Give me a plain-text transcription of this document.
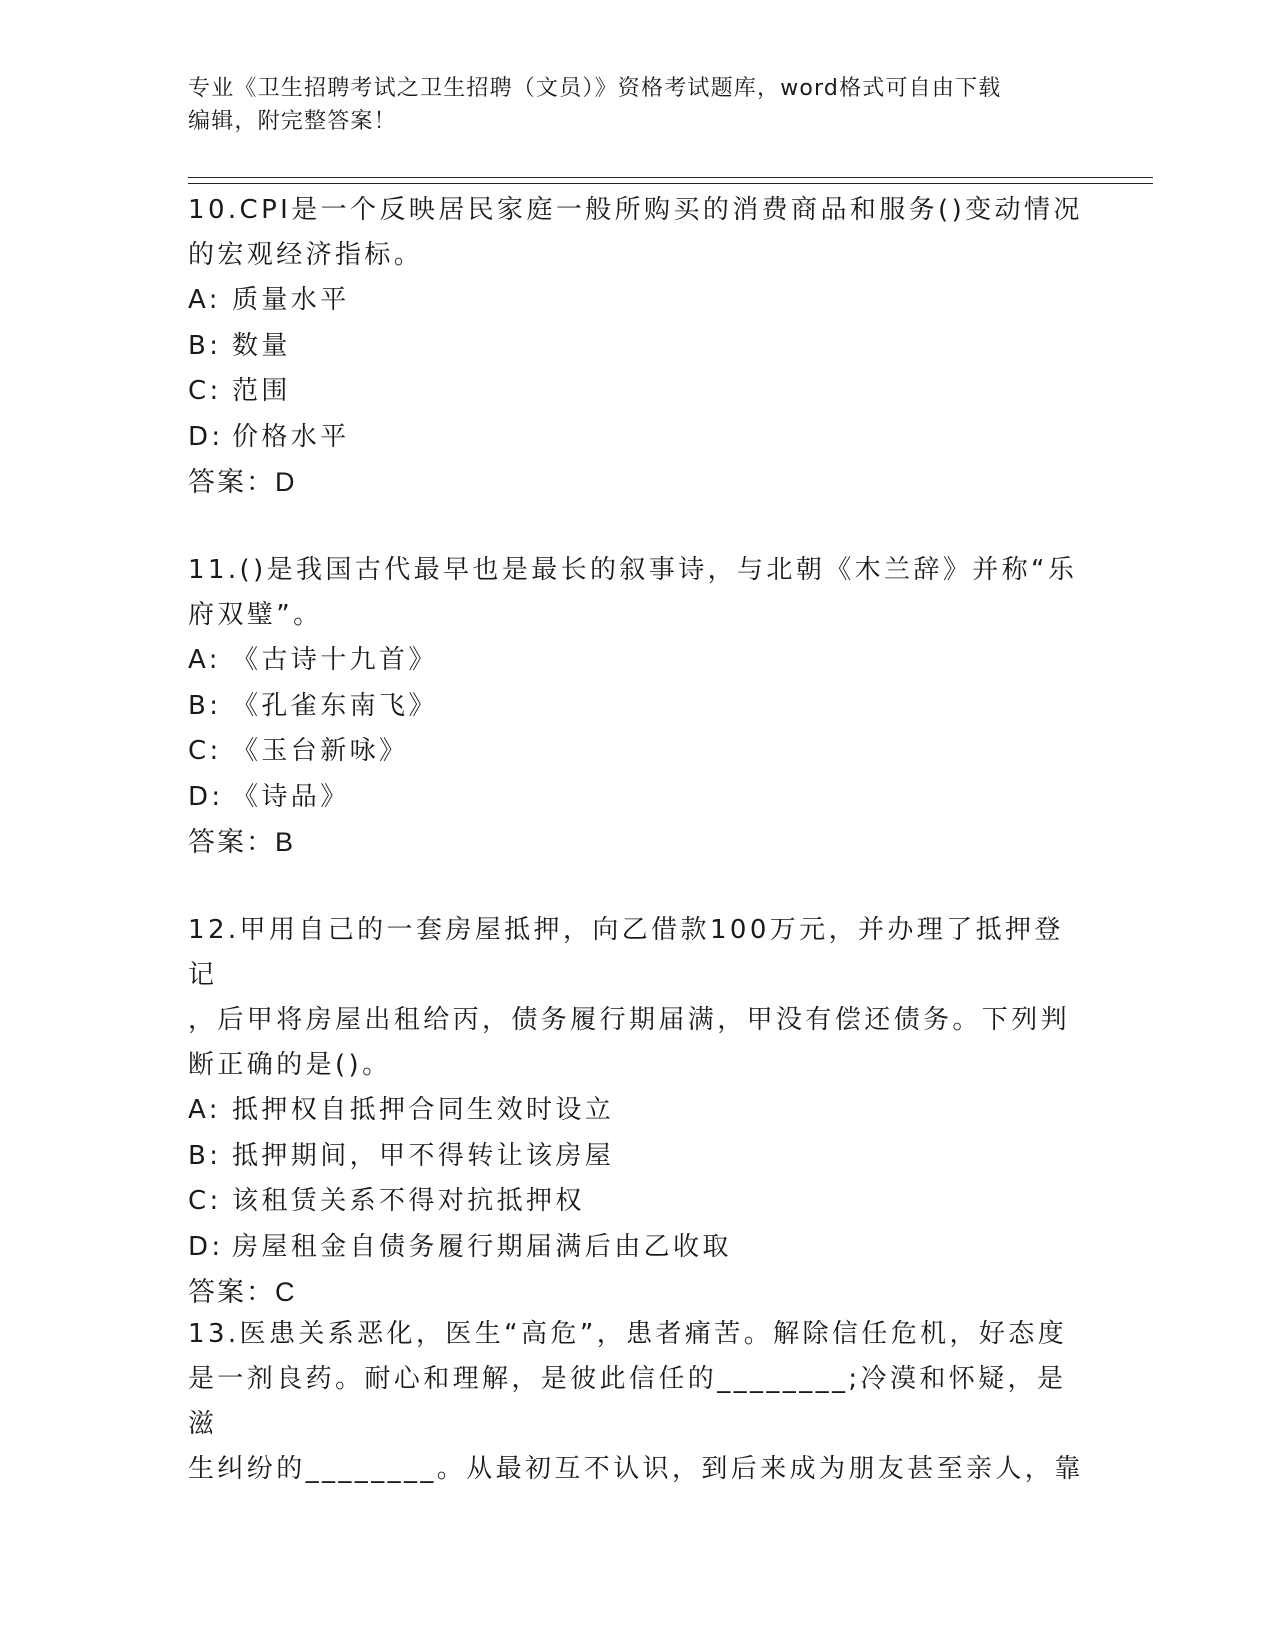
专业《卫生招聘考试之卫生招聘（文员）》资格考试题库，word格式可自由下载
编辑，附完整答案！

10.CPI是一个反映居民家庭一般所购买的消费商品和服务()变动情况

的宏观经济指标。

A: 质量水平

B: 数量

C: 范围

D: 价格水平

答案：D

11.()是我国古代最早也是最长的叙事诗，与北朝《木兰辞》并称“乐

府双璧”。

A: 《古诗十九首》

B: 《孔雀东南飞》

C: 《玉台新咏》

D: 《诗品》

答案：B

12.甲用自己的一套房屋抵押，向乙借款100万元，并办理了抵押登记

，后甲将房屋出租给丙，债务履行期届满，甲没有偿还债务。下列判

断正确的是()。

A: 抵押权自抵押合同生效时设立

B: 抵押期间，甲不得转让该房屋

C: 该租赁关系不得对抗抵押权

D: 房屋租金自债务履行期届满后由乙收取

答案：C

13.医患关系恶化，医生“高危”，患者痛苦。解除信任危机，好态度

是一剂良药。耐心和理解，是彼此信任的________;冷漠和怀疑，是滋

生纠纷的________。从最初互不认识，到后来成为朋友甚至亲人，靠
